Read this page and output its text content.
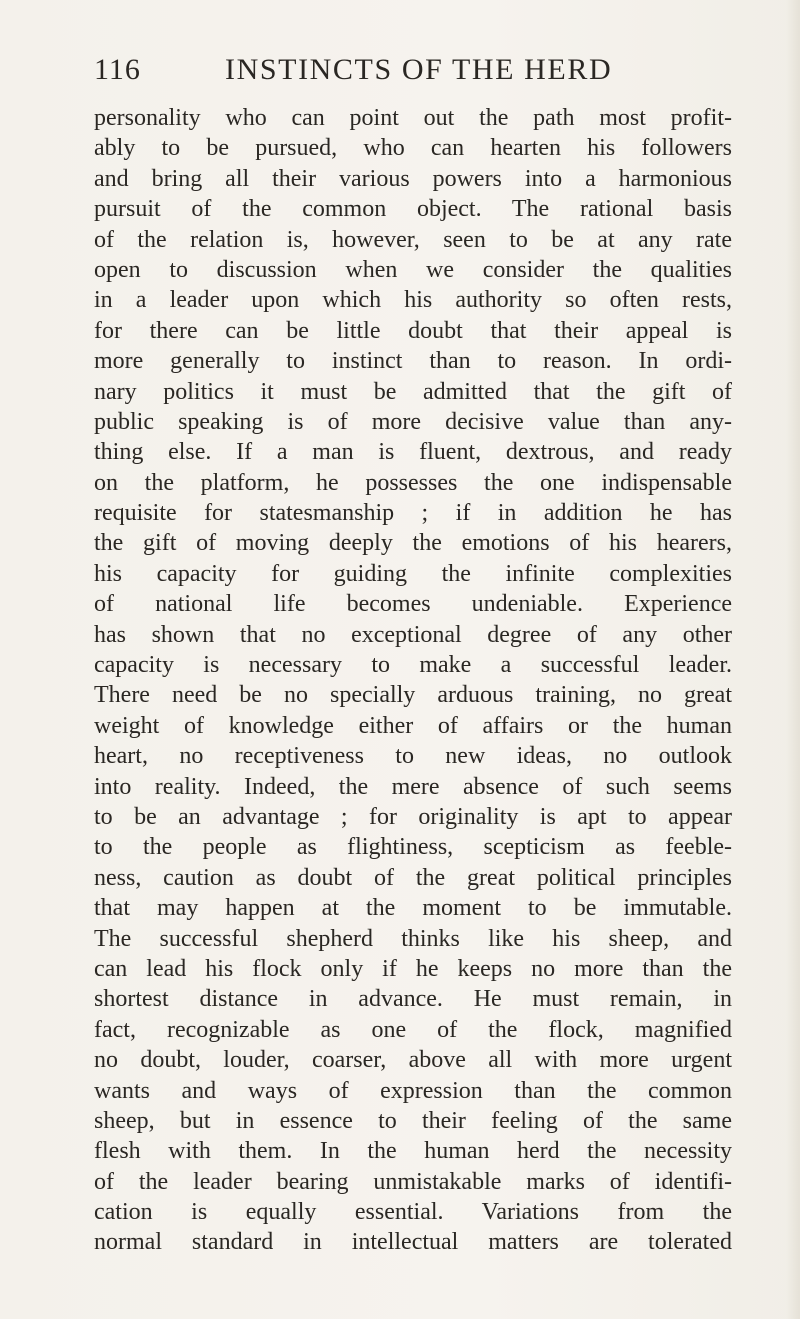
116	INSTINCTS OF THE HERD
personality who can point out the path most profit-
ably to be pursued, who can hearten his followers
and bring all their various powers into a harmonious
pursuit of the common object. The rational basis
of the relation is, however, seen to be at any rate
open to discussion when we consider the qualities
in a leader upon which his authority so often rests,
for there can be little doubt that their appeal is
more generally to instinct than to reason. In ordi-
nary politics it must be admitted that the gift of
public speaking is of more decisive value than any-
thing else. If a man is fluent, dextrous, and ready
on the platform, he possesses the one indispensable
requisite for statesmanship ; if in addition he has
the gift of moving deeply the emotions of his hearers,
his capacity for guiding the infinite complexities
of national life becomes undeniable. Experience
has shown that no exceptional degree of any other
capacity is necessary to make a successful leader.
There need be no specially arduous training, no great
weight of knowledge either of affairs or the human
heart, no receptiveness to new ideas, no outlook
into reality. Indeed, the mere absence of such seems
to be an advantage ; for originality is apt to appear
to the people as flightiness, scepticism as feeble-
ness, caution as doubt of the great political principles
that may happen at the moment to be immutable.
The successful shepherd thinks like his sheep, and
can lead his flock only if he keeps no more than the
shortest distance in advance. He must remain, in
fact, recognizable as one of the flock, magnified
no doubt, louder, coarser, above all with more urgent
wants and ways of expression than the common
sheep, but in essence to their feeling of the same
flesh with them. In the human herd the necessity
of the leader bearing unmistakable marks of identifi-
cation is equally essential. Variations from the
normal standard in intellectual matters are tolerated
